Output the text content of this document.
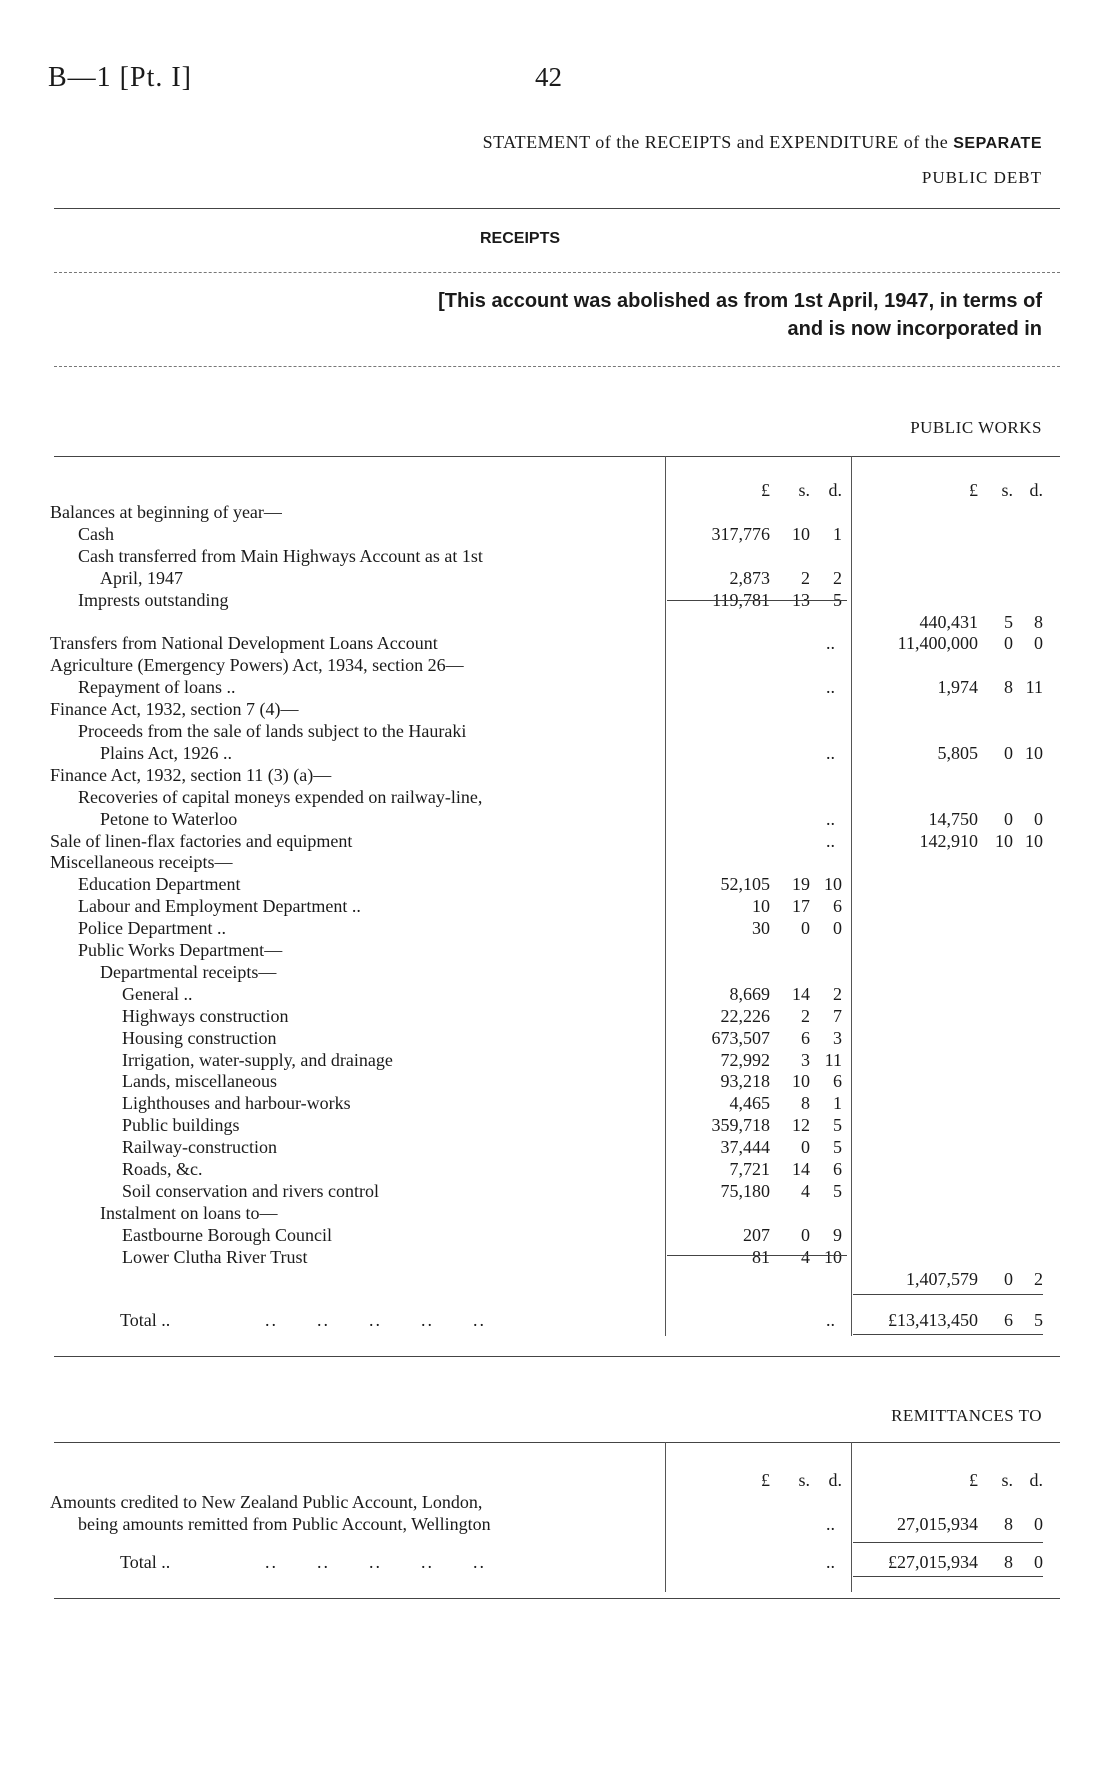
B—1 [Pt. I]	42
STATEMENT of the RECEIPTS and EXPENDITURE of the SEPARATE
PUBLIC DEBT
RECEIPTS
[This account was abolished as from 1st April, 1947, in terms of
and is now incorporated in
PUBLIC WORKS
£	s.	d.	£	s. d.
Balances at beginning of year—
Cash	317,776	10	1
Cash transferred from Main Highways Account as at 1st
April, 1947	2,873	2	2
Imprests outstanding	119,781	13	5
440,431	5	8
Transfers from National Development Loans Account	..	11,400,000	0	0
Agriculture (Emergency Powers) Act, 1934, section 26—
Repayment of loans ..	..	1,974	8 11
Finance Act, 1932, section 7 (4)—
Proceeds from the sale of lands subject to the Hauraki
Plains Act, 1926 ..	..	5,805	0 10
Finance Act, 1932, section 11 (3) (a)—
Recoveries of capital moneys expended on railway-line,
Petone to Waterloo	..	14,750	0	0
Sale of linen-flax factories and equipment	..	142,910 10 10
Miscellaneous receipts—
Education Department	52,105	19 10
Labour and Employment Department ..	10	17	6
Police Department ..	30	0	0
Public Works Department—
Departmental receipts—
General ..	8,669	14	2
Highways construction	22,226	2	7
Housing construction	673,507	6	3
Irrigation, water-supply, and drainage	72,992	3 11
Lands, miscellaneous	93,218	10	6
Lighthouses and harbour-works	4,465	8	1
Public buildings	359,718	12	5
Railway-construction	37,444	0	5
Roads, &c.	7,721	14	6
Soil conservation and rivers control	75,180	4	5
Instalment on loans to—
Eastbourne Borough Council	207	0	9
Lower Clutha River Trust	81	4 10
1,407,579	0	2
Total ..	..      ..      ..      ..      ..	..	£13,413,450	6	5
REMITTANCES TO
£	s.	d.	£	s. d.
Amounts credited to New Zealand Public Account, London,
being amounts remitted from Public Account, Wellington	..	27,015,934	8	0
Total ..	..      ..      ..      ..      ..	..	£27,015,934	8	0
